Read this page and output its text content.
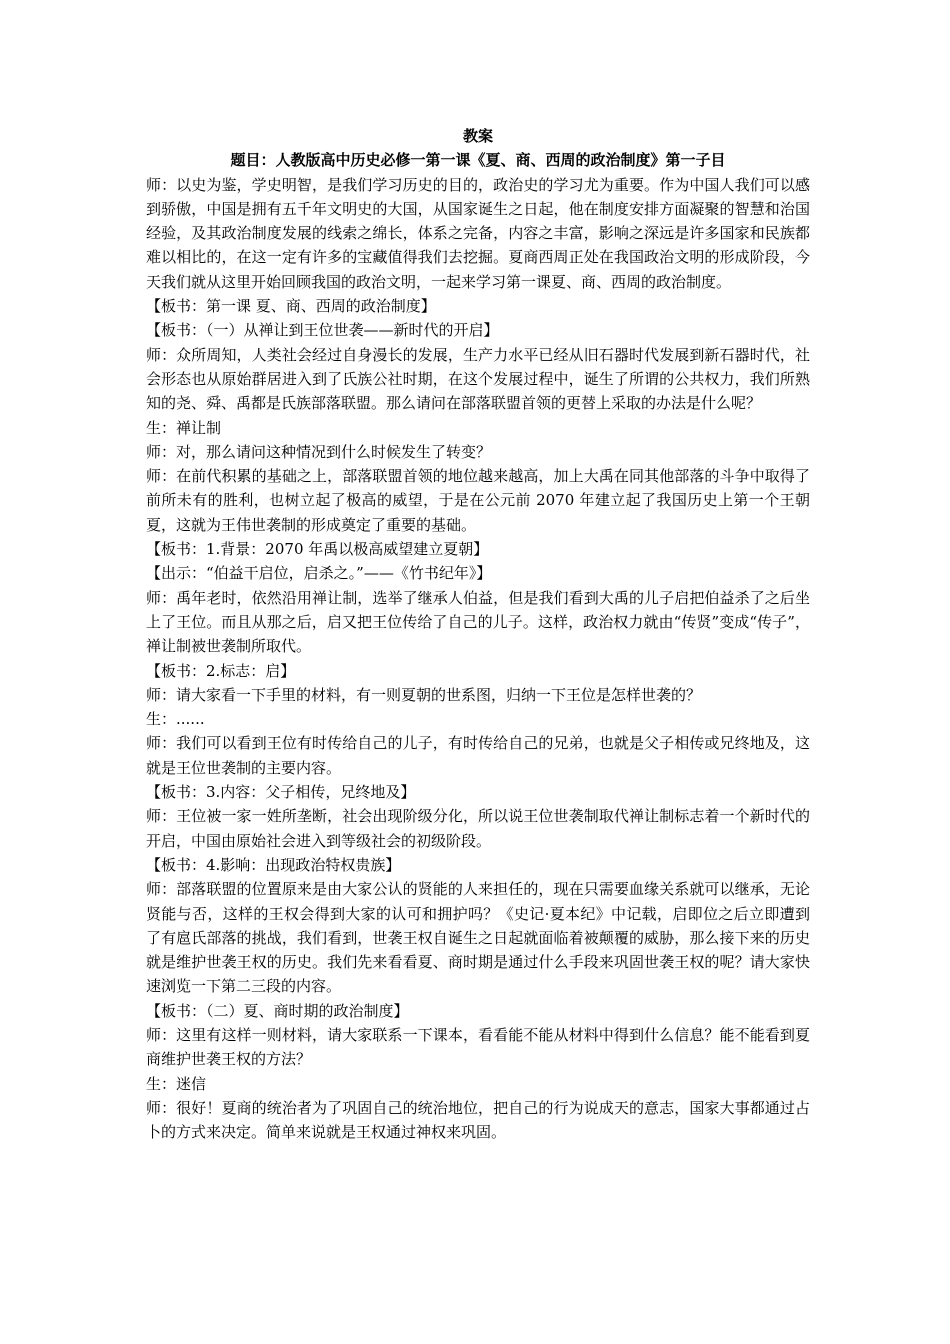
教案

题目：人教版高中历史必修一第一课《夏、商、西周的政治制度》第一子目

师：以史为鉴，学史明智，是我们学习历史的目的，政治史的学习尤为重要。作为中国人我们可以感到骄傲，中国是拥有五千年文明史的大国，从国家诞生之日起，他在制度安排方面凝聚的智慧和治国经验，及其政治制度发展的线索之绵长，体系之完备，内容之丰富，影响之深远是许多国家和民族都难以相比的，在这一定有许多的宝藏值得我们去挖掘。夏商西周正处在我国政治文明的形成阶段，今天我们就从这里开始回顾我国的政治文明，一起来学习第一课夏、商、西周的政治制度。

【板书：第一课 夏、商、西周的政治制度】

【板书：（一）从禅让到王位世袭——新时代的开启】

师：众所周知，人类社会经过自身漫长的发展，生产力水平已经从旧石器时代发展到新石器时代，社会形态也从原始群居进入到了氏族公社时期，在这个发展过程中，诞生了所谓的公共权力，我们所熟知的尧、舜、禹都是氏族部落联盟。那么请问在部落联盟首领的更替上采取的办法是什么呢？

生：禅让制

师：对，那么请问这种情况到什么时候发生了转变？

师：在前代积累的基础之上，部落联盟首领的地位越来越高，加上大禹在同其他部落的斗争中取得了前所未有的胜利，也树立起了极高的威望，于是在公元前 2070 年建立起了我国历史上第一个王朝夏，这就为王伟世袭制的形成奠定了重要的基础。

【板书：1.背景：2070 年禹以极高威望建立夏朝】

【出示：“伯益干启位，启杀之。”——《竹书纪年》】

师：禹年老时，依然沿用禅让制，选举了继承人伯益，但是我们看到大禹的儿子启把伯益杀了之后坐上了王位。而且从那之后，启又把王位传给了自己的儿子。这样，政治权力就由“传贤”变成“传子”，禅让制被世袭制所取代。

【板书：2.标志：启】

师：请大家看一下手里的材料，有一则夏朝的世系图，归纳一下王位是怎样世袭的？

生：......

师：我们可以看到王位有时传给自己的儿子，有时传给自己的兄弟，也就是父子相传或兄终地及，这就是王位世袭制的主要内容。

【板书：3.内容：父子相传，兄终地及】

师：王位被一家一姓所垄断，社会出现阶级分化，所以说王位世袭制取代禅让制标志着一个新时代的开启，中国由原始社会进入到等级社会的初级阶段。

【板书：4.影响：出现政治特权贵族】

师：部落联盟的位置原来是由大家公认的贤能的人来担任的，现在只需要血缘关系就可以继承，无论贤能与否，这样的王权会得到大家的认可和拥护吗？《史记·夏本纪》中记载，启即位之后立即遭到了有扈氏部落的挑战，我们看到，世袭王权自诞生之日起就面临着被颠覆的威胁，那么接下来的历史就是维护世袭王权的历史。我们先来看看夏、商时期是通过什么手段来巩固世袭王权的呢？请大家快速浏览一下第二三段的内容。

【板书：（二）夏、商时期的政治制度】

师：这里有这样一则材料，请大家联系一下课本，看看能不能从材料中得到什么信息？能不能看到夏商维护世袭王权的方法？

生：迷信

师：很好！夏商的统治者为了巩固自己的统治地位，把自己的行为说成天的意志，国家大事都通过占卜的方式来决定。简单来说就是王权通过神权来巩固。
